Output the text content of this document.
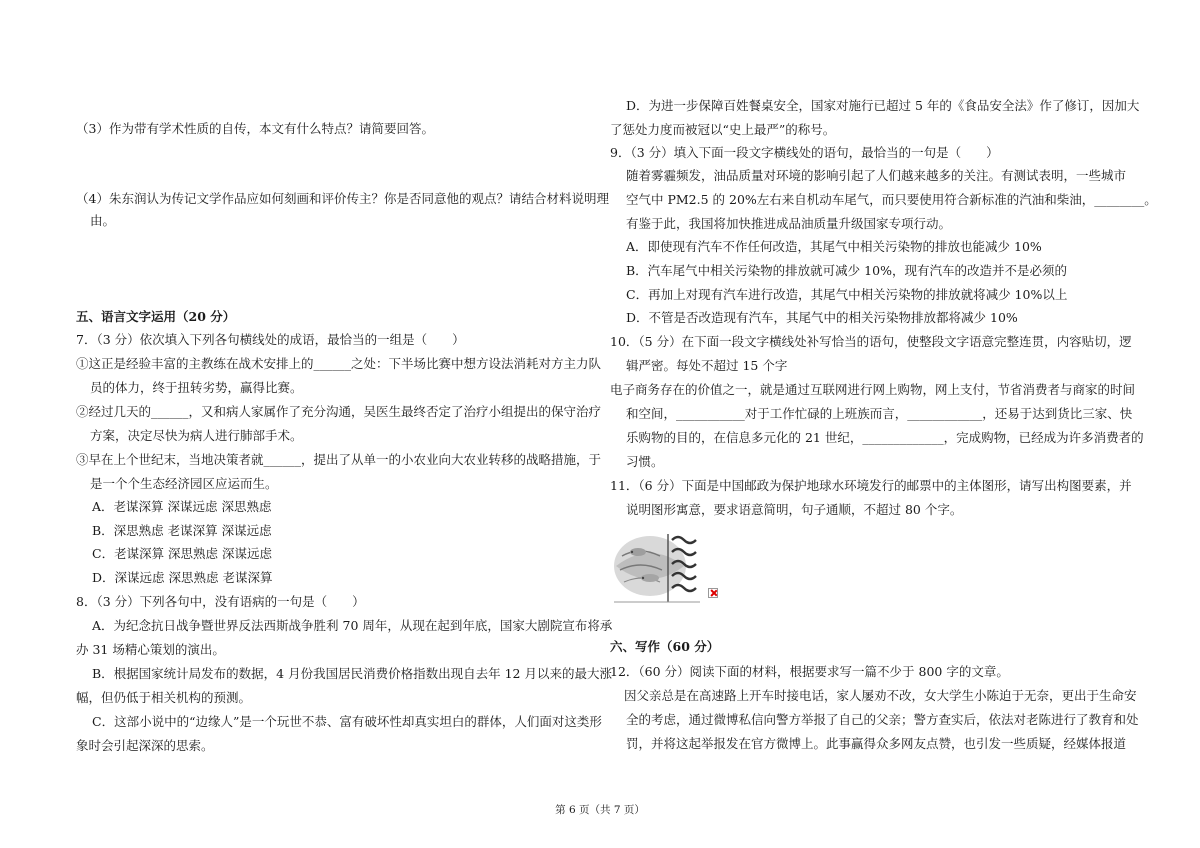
（3）作为带有学术性质的自传，本文有什么特点？请简要回答。
（4）朱东润认为传记文学作品应如何刻画和评价传主？你是否同意他的观点？请结合材料说明理
由。
五、语言文字运用（20 分）
7．（3 分）依次填入下列各句横线处的成语，最恰当的一组是（　　）
①这正是经验丰富的主教练在战术安排上的______之处：下半场比赛中想方设法消耗对方主力队
员的体力，终于扭转劣势，赢得比赛。
②经过几天的______，又和病人家属作了充分沟通，吴医生最终否定了治疗小组提出的保守治疗
方案，决定尽快为病人进行肺部手术。
③早在上个世纪末，当地决策者就______，提出了从单一的小农业向大农业转移的战略措施，于
是一个个生态经济园区应运而生。
A．老谋深算 深谋远虑 深思熟虑
B．深思熟虑 老谋深算 深谋远虑
C．老谋深算 深思熟虑 深谋远虑
D．深谋远虑 深思熟虑 老谋深算
8．（3 分）下列各句中，没有语病的一句是（　　）
A．为纪念抗日战争暨世界反法西斯战争胜利 70 周年，从现在起到年底，国家大剧院宣布将承
办 31 场精心策划的演出。
B．根据国家统计局发布的数据，4 月份我国居民消费价格指数出现自去年 12 月以来的最大涨
幅，但仍低于相关机构的预测。
C．这部小说中的“边缘人”是一个玩世不恭、富有破坏性却真实坦白的群体，人们面对这类形
象时会引起深深的思索。
D．为进一步保障百姓餐桌安全，国家对施行已超过 5 年的《食品安全法》作了修订，因加大
了惩处力度而被冠以“史上最严”的称号。
9．（3 分）填入下面一段文字横线处的语句，最恰当的一句是（　　）
随着雾霾频发，油品质量对环境的影响引起了人们越来越多的关注。有测试表明，一些城市
空气中 PM2.5 的 20%左右来自机动车尾气，而只要使用符合新标准的汽油和柴油，________。
有鉴于此，我国将加快推进成品油质量升级国家专项行动。
A．即使现有汽车不作任何改造，其尾气中相关污染物的排放也能减少 10%
B．汽车尾气中相关污染物的排放就可减少 10%，现有汽车的改造并不是必须的
C．再加上对现有汽车进行改造，其尾气中相关污染物的排放就将减少 10%以上
D．不管是否改造现有汽车，其尾气中的相关污染物排放都将减少 10%
10．（5 分）在下面一段文字横线处补写恰当的语句，使整段文字语意完整连贯，内容贴切，逻
辑严密。每处不超过 15 个字
电子商务存在的价值之一，就是通过互联网进行网上购物，网上支付，节省消费者与商家的时间
和空间，___________对于工作忙碌的上班族而言，____________，还易于达到货比三家、快
乐购物的目的，在信息多元化的 21 世纪，_____________，完成购物，已经成为许多消费者的
习惯。
11．（6 分）下面是中国邮政为保护地球水环境发行的邮票中的主体图形，请写出构图要素，并
说明图形寓意，要求语意简明，句子通顺，不超过 80 个字。
六、写作（60 分）
12．（60 分）阅读下面的材料，根据要求写一篇不少于 800 字的文章。
因父亲总是在高速路上开车时接电话，家人屡劝不改，女大学生小陈迫于无奈，更出于生命安
全的考虑，通过微博私信向警方举报了自己的父亲；警方查实后，依法对老陈进行了教育和处
罚，并将这起举报发在官方微博上。此事赢得众多网友点赞，也引发一些质疑，经媒体报道
第 6 页（共 7 页）
